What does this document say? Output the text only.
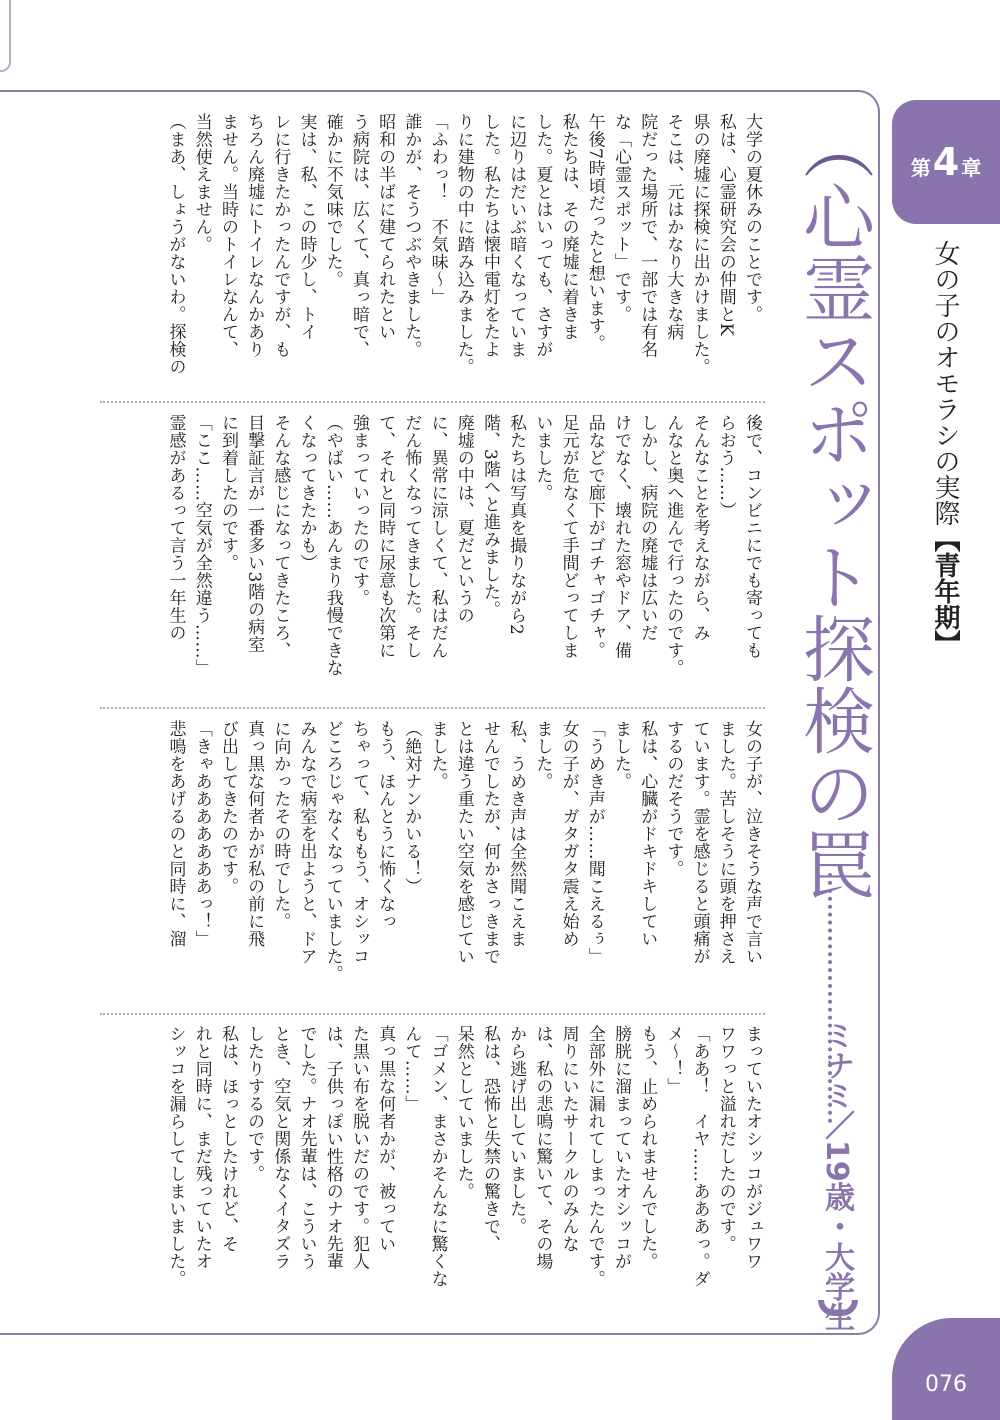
第4 章
女の子のオモラシの実際【青年期】
（心霊スポット探検の罠
ミナミ／19歳・大学生
大学の夏休みのことです。
私は、心霊研究会の仲間とK
県の廃墟に探検に出かけました。
そこは、元はかなり大きな病
院だった場所で、一部では有名
な「心霊スポット」です。
午後7時頃だったと想います。
私たちは、その廃墟に着きま
した。夏とはいっても、さすが
に辺りはだいぶ暗くなっていま
した。私たちは懐中電灯をたよ
りに建物の中に踏み込みました。
「ふわっ！　不気味〜」
誰かが、そうつぶやきました。
昭和の半ばに建てられたとい
う病院は、広くて、真っ暗で、
確かに不気味でした。
実は、私、この時少し、トイ
レに行きたかったんですが、も
ちろん廃墟にトイレなんかあり
ません。当時のトイレなんて、
当然使えません。
（まあ、しょうがないわ。探検の
後で、コンビニにでも寄っても
らおう……）
そんなことを考えながら、み
んなと奥へ進んで行ったのです。
しかし、病院の廃墟は広いだ
けでなく、壊れた窓やドア、備
品などで廊下がゴチャゴチャ。
足元が危なくて手間どってしま
いました。
私たちは写真を撮りながら2
階、3階へと進みました。
廃墟の中は、夏だというの
に、異常に涼しくて、私はだん
だん怖くなってきました。そし
て、それと同時に尿意も次第に
強まっていったのです。
（やばい……あんまり我慢できな
くなってきたかも）
そんな感じになってきたころ、
目撃証言が一番多い3階の病室
に到着したのです。
「ここ……空気が全然違う……」
霊感があるって言う一年生の
女の子が、泣きそうな声で言い
ました。苦しそうに頭を押さえ
ています。霊を感じると頭痛が
するのだそうです。
私は、心臓がドキドキしてい
ました。
「うめき声が……聞こえるぅ」
女の子が、ガタガタ震え始め
ました。
私、うめき声は全然聞こえま
せんでしたが、何かさっきまで
とは違う重たい空気を感じてい
ました。
（絶対ナンかいる！）
もう、ほんとうに怖くなっ
ちゃって、私ももう、オシッコ
どころじゃなくなっていました。
みんなで病室を出ようと、ドア
に向かったその時でした。
真っ黒な何者かが私の前に飛
び出してきたのです。
「きゃあああああああっ！」
悲鳴をあげるのと同時に、溜
まっていたオシッコがジュワワ
ワワっと溢れだしたのです。
「ああ！　イヤ……あああっ。ダ
メ〜！」
もう、止められませんでした。
膀胱に溜まっていたオシッコが
全部外に漏れてしまったんです。
周りにいたサークルのみんな
は、私の悲鳴に驚いて、その場
から逃げ出していました。
私は、恐怖と失禁の驚きで、
呆然としていました。
「ゴメン、まさかそんなに驚くな
んて……」
真っ黒な何者かが、被ってい
た黒い布を脱いだのです。犯人
は、子供っぽい性格のナオ先輩
でした。ナオ先輩は、こういう
とき、空気と関係なくイタズラ
したりするのです。
私は、ほっとしたけれど、そ
れと同時に、まだ残っていたオ
シッコを漏らしてしまいました。
076
